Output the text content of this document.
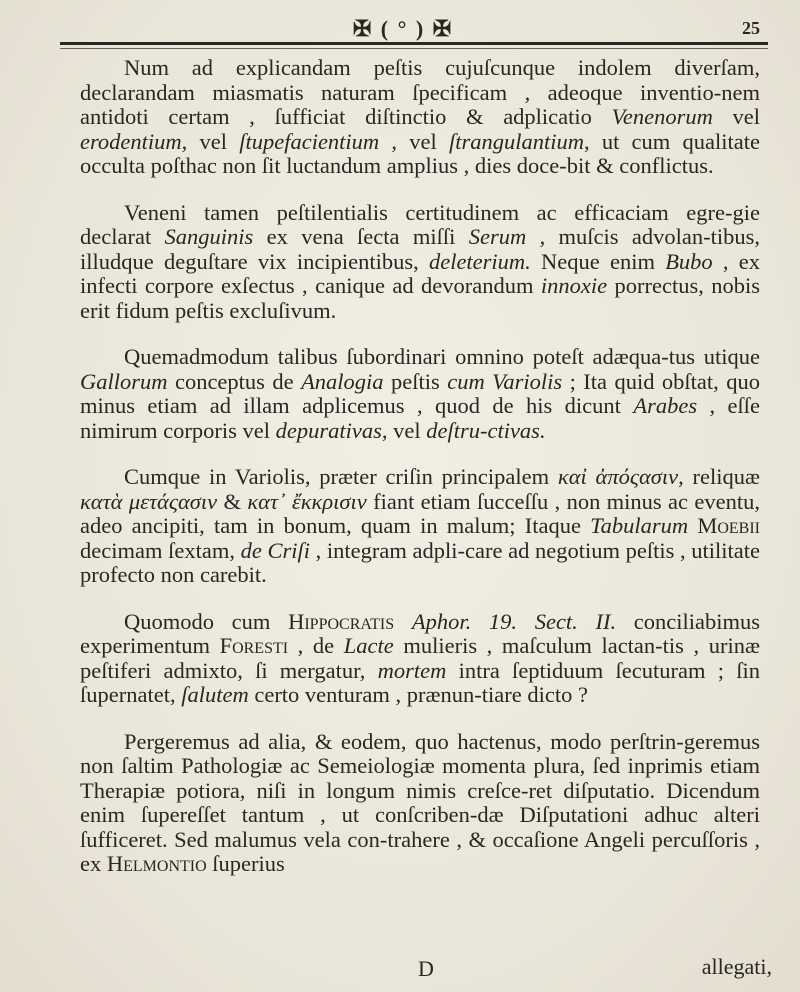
✠ ( ° ) ✠	25

Num ad explicandam peſtis cujuſcunque indolem diverſam, declarandam miasmatis naturam ſpecificam , adeoque inventio-nem antidoti certam , ſufficiat diſtinctio & adplicatio Venenorum vel erodentium, vel ſtupefacientium , vel ſtrangulantium, ut cum qualitate occulta poſthac non ſit luctandum amplius , dies doce-bit & conflictus.

Veneni tamen peſtilentialis certitudinem ac efficaciam egre-gie declarat Sanguinis ex vena ſecta miſſi Serum , muſcis advolan-tibus, illudque deguſtare vix incipientibus, deleterium. Neque enim Bubo , ex infecti corpore exſectus , canique ad devorandum innoxie porrectus, nobis erit fidum peſtis excluſivum.

Quemadmodum talibus ſubordinari omnino poteſt adæqua-tus utique Gallorum conceptus de Analogia peſtis cum Variolis ; Ita quid obſtat, quo minus etiam ad illam adplicemus , quod de his dicunt Arabes , eſſe nimirum corporis vel depurativas, vel deſtru-ctivas.

Cumque in Variolis, præter criſin principalem καἰ ἀπόςασιν, reliquæ κατὰ μετάςασιν & κατ᾽ ἔκκρισιν fiant etiam ſucceſſu , non minus ac eventu, adeo ancipiti, tam in bonum, quam in malum; Itaque Tabularum Moebii decimam ſextam, de Criſi , integram adpli-care ad negotium peſtis , utilitate profecto non carebit.

Quomodo cum Hippocratis Aphor. 19. Sect. II. conciliabimus experimentum Foresti , de Lacte mulieris , maſculum lactan-tis , urinæ peſtiferi admixto, ſi mergatur, mortem intra ſeptiduum ſecuturam ; ſin ſupernatet, ſalutem certo venturam , prænun-tiare dicto ?

Pergeremus ad alia, & eodem, quo hactenus, modo perſtrin-geremus non ſaltim Pathologiæ ac Semeiologiæ momenta plura, ſed inprimis etiam Therapiæ potiora, niſi in longum nimis creſce-ret diſputatio. Dicendum enim ſupereſſet tantum , ut conſcriben-dæ Diſputationi adhuc alteri ſufficeret. Sed malumus vela con-trahere , & occaſione Angeli percuſſoris , ex Helmontio ſuperius

D	allegati,
